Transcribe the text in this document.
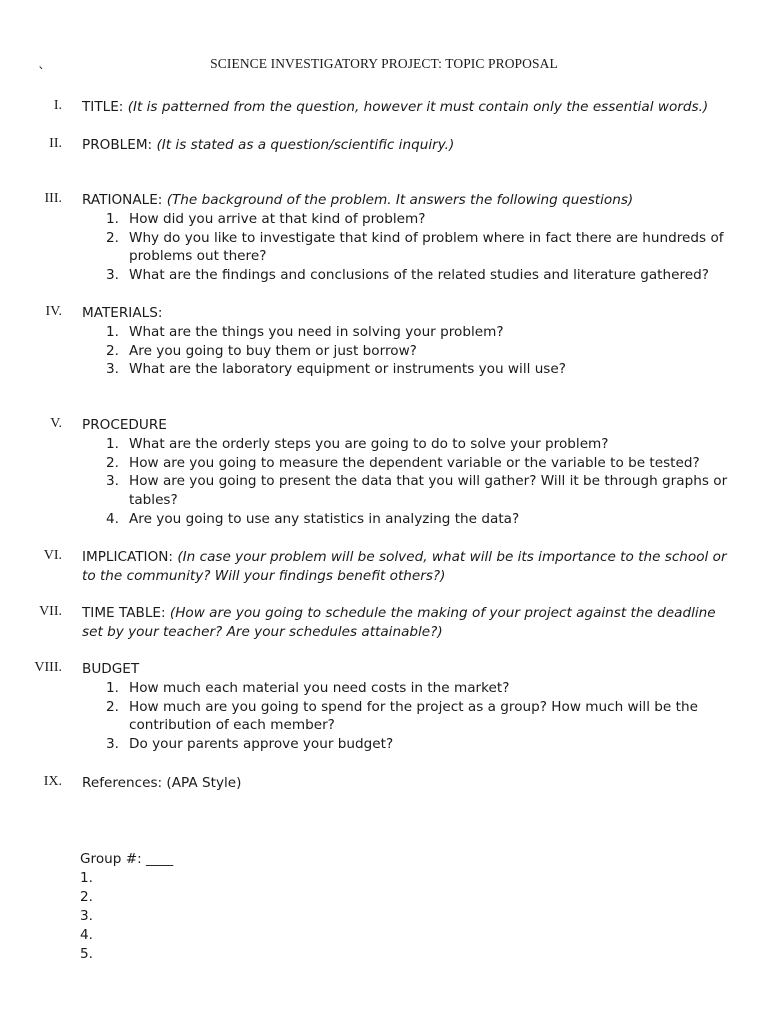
`
SCIENCE INVESTIGATORY PROJECT: TOPIC PROPOSAL
I. TITLE: (It is patterned from the question, however it must contain only the essential words.)
II. PROBLEM: (It is stated as a question/scientific inquiry.)
III. RATIONALE: (The background of the problem. It answers the following questions)
1. How did you arrive at that kind of problem?
2. Why do you like to investigate that kind of problem where in fact there are hundreds of problems out there?
3. What are the findings and conclusions of the related studies and literature gathered?
IV. MATERIALS:
1. What are the things you need in solving your problem?
2. Are you going to buy them or just borrow?
3. What are the laboratory equipment or instruments you will use?
V. PROCEDURE
1. What are the orderly steps you are going to do to solve your problem?
2. How are you going to measure the dependent variable or the variable to be tested?
3. How are you going to present the data that you will gather? Will it be through graphs or tables?
4. Are you going to use any statistics in analyzing the data?
VI. IMPLICATION: (In case your problem will be solved, what will be its importance to the school or to the community? Will your findings benefit others?)
VII. TIME TABLE: (How are you going to schedule the making of your project against the deadline set by your teacher? Are your schedules attainable?)
VIII. BUDGET
1. How much each material you need costs in the market?
2. How much are you going to spend for the project as a group? How much will be the contribution of each member?
3. Do your parents approve your budget?
IX. References: (APA Style)
Group #: ____
1.
2.
3.
4.
5.
